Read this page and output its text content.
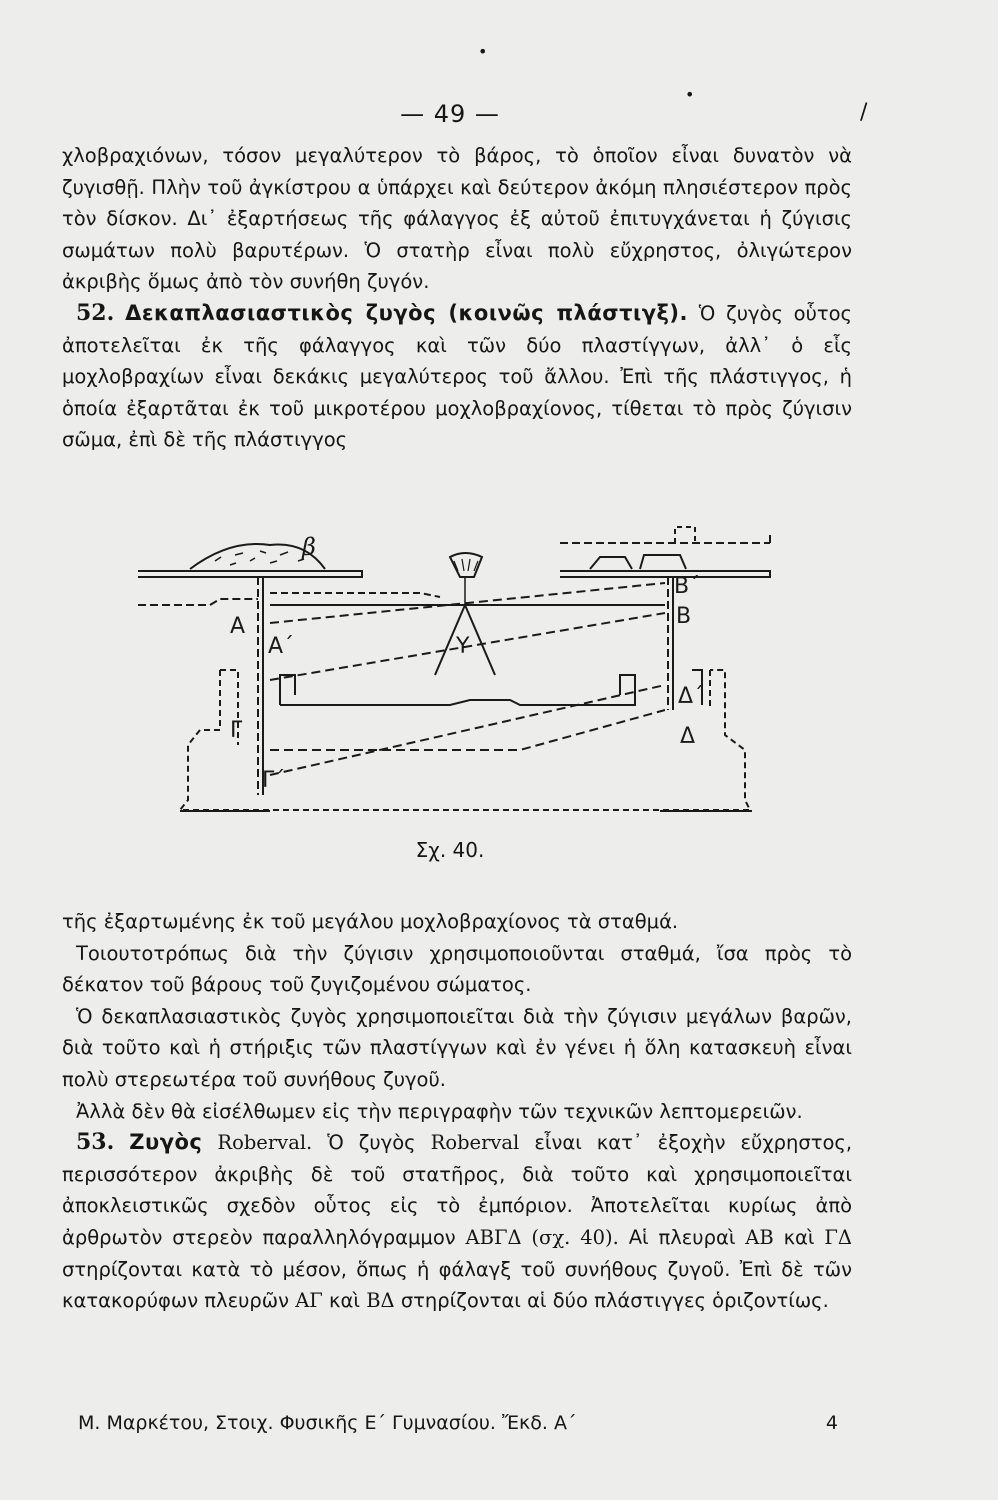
•
•
/
— 49 —

χλοβραχιόνων, τόσον μεγαλύτερον τὸ βάρος, τὸ ὁποῖον εἶναι δυνατὸν νὰ ζυγισθῇ. Πλὴν τοῦ ἀγκίστρου α ὑπάρχει καὶ δεύτερον ἀκόμη πλησιέστερον πρὸς τὸν δίσκον. Δι᾽ ἐξαρτήσεως τῆς φάλαγγος ἐξ αὐτοῦ ἐπιτυγχάνεται ἡ ζύγισις σωμάτων πολὺ βαρυτέρων. Ὁ στατὴρ εἶναι πολὺ εὔχρηστος, ὀλιγώτερον ἀκριβὴς ὅμως ἀπὸ τὸν συνήθη ζυγόν.

52. Δεκαπλασιαστικὸς ζυγὸς (κοινῶς πλάστιγξ). Ὁ ζυγὸς οὗτος ἀποτελεῖται ἐκ τῆς φάλαγγος καὶ τῶν δύο πλαστίγγων, ἀλλ᾽ ὁ εἷς μοχλοβραχίων εἶναι δεκάκις μεγαλύτερος τοῦ ἄλλου. Ἐπὶ τῆς πλάστιγγος, ἡ ὁποία ἐξαρτᾶται ἐκ τοῦ μικροτέρου μοχλοβραχίονος, τίθεται τὸ πρὸς ζύγισιν σῶμα, ἐπὶ δὲ τῆς πλάστιγγος

β
A
A΄	Υ
B΄
B
Δ΄
Δ
Γ
Γ΄
Σχ. 40.

τῆς ἐξαρτωμένης ἐκ τοῦ μεγάλου μοχλοβραχίονος τὰ σταθμά.

Τοιουτοτρόπως διὰ τὴν ζύγισιν χρησιμοποιοῦνται σταθμά, ἴσα πρὸς τὸ δέκατον τοῦ βάρους τοῦ ζυγιζομένου σώματος.

Ὁ δεκαπλασιαστικὸς ζυγὸς χρησιμοποιεῖται διὰ τὴν ζύγισιν μεγάλων βαρῶν, διὰ τοῦτο καὶ ἡ στήριξις τῶν πλαστίγγων καὶ ἐν γένει ἡ ὅλη κατασκευὴ εἶναι πολὺ στερεωτέρα τοῦ συνήθους ζυγοῦ.

Ἀλλὰ δὲν θὰ εἰσέλθωμεν εἰς τὴν περιγραφὴν τῶν τεχνικῶν λεπτομερειῶν.

53. Ζυγὸς Roberval. Ὁ ζυγὸς Roberval εἶναι κατ᾽ ἐξοχὴν εὔχρηστος, περισσότερον ἀκριβὴς δὲ τοῦ στατῆρος, διὰ τοῦτο καὶ χρησιμοποιεῖται ἀποκλειστικῶς σχεδὸν οὗτος εἰς τὸ ἐμπόριον. Ἀποτελεῖται κυρίως ἀπὸ ἀρθρωτὸν στερεὸν παραλληλόγραμμον ΑΒΓΔ (σχ. 40). Αἱ πλευραὶ ΑΒ καὶ ΓΔ στηρίζονται κατὰ τὸ μέσον, ὅπως ἡ φάλαγξ τοῦ συνήθους ζυγοῦ. Ἐπὶ δὲ τῶν κατακορύφων πλευρῶν ΑΓ καὶ ΒΔ στηρίζονται αἱ δύο πλάστιγγες ὁριζοντίως.

Μ. Μαρκέτου, Στοιχ. Φυσικῆς Ε΄ Γυμνασίου. Ἔκδ. Α΄	4
